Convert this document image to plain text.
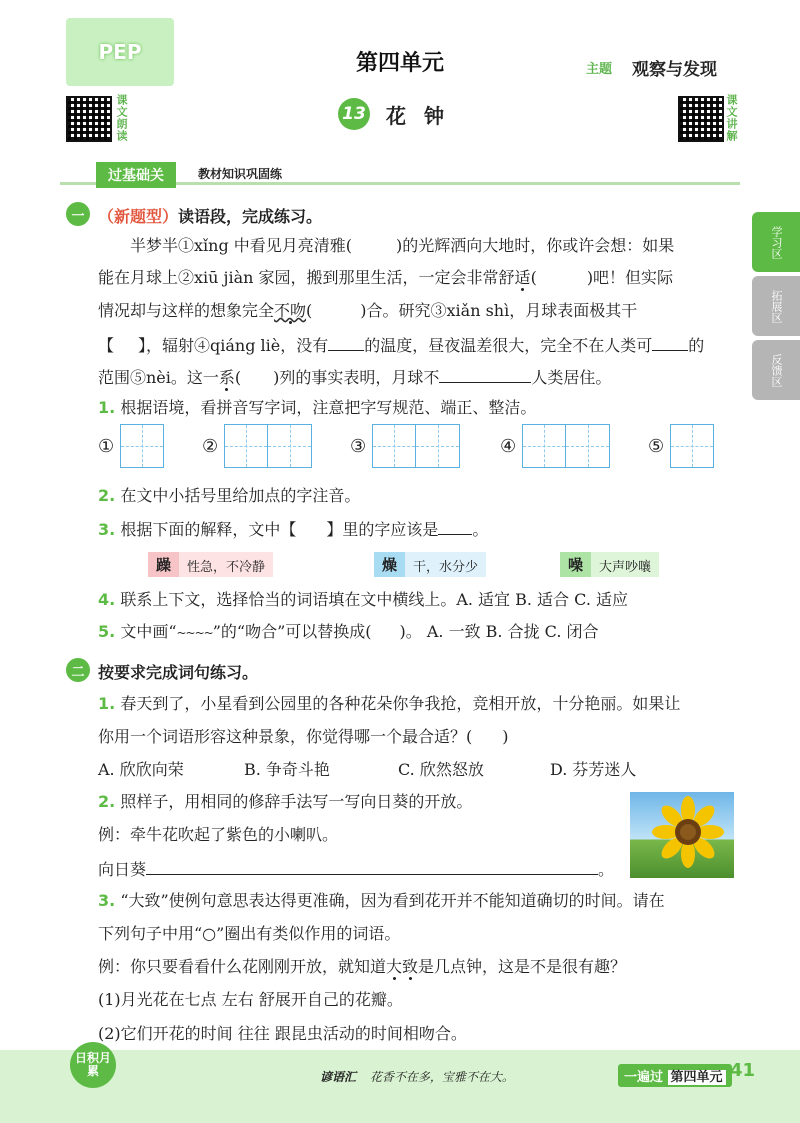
PEP
课文朗读	课文讲解
第四单元
13 花钟
主题 观察与发现
过基础关	教材知识巩固练
学习区
拓展区
反馈区
一 （新题型）读语段，完成练习。
半梦半①xǐng 中看见月亮清雅(	)的光辉洒向大地时，你或许会想：如果
能在月球上②xiū jiàn 家园，搬到那里生活，一定会非常舒适(	)吧！但实际
情况却与这样的想象完全不吻(	)合。研究③xiǎn shì，月球表面极其干
【 】，辐射④qiáng liè，没有 的温度，昼夜温差很大，完全不在人类可 的
范围⑤nèi。这一系( )列的事实表明，月球不	人类居住。
1. 根据语境，看拼音写字词，注意把字写规范、端正、整洁。
①	②	③	④	⑤
2. 在文中小括号里给加点的字注音。
3. 根据下面的解释，文中【 】里的字应该是 。
躁	性急，不冷静	燥	干，水分少	噪	大声吵嚷
4. 联系上下文，选择恰当的词语填在文中横线上。A. 适宜 B. 适合 C. 适应
5. 文中画“~~~~”的“吻合”可以替换成( )。 A. 一致 B. 合拢 C. 闭合
二 按要求完成词句练习。
1. 春天到了，小星看到公园里的各种花朵你争我抢，竞相开放，十分艳丽。如果让
你用一个词语形容这种景象，你觉得哪一个最合适？( )
A. 欣欣向荣	B. 争奇斗艳	C. 欣然怒放	D. 芬芳迷人
2. 照样子，用相同的修辞手法写一写向日葵的开放。
例：牵牛花吹起了紫色的小喇叭。
向日葵	。
3. “大致”使例句意思表达得更准确，因为看到花开并不能知道确切的时间。请在
下列句子中用“○”圈出有类似作用的词语。
例：你只要看看什么花刚刚开放，就知道大致是几点钟，这是不是很有趣？
(1)月光花在七点 左右 舒展开自己的花瓣。
(2)它们开花的时间 往往 跟昆虫活动的时间相吻合。
日积月累	谚语汇 花香不在多，宝雅不在大。	一遍过 第四单元 41
